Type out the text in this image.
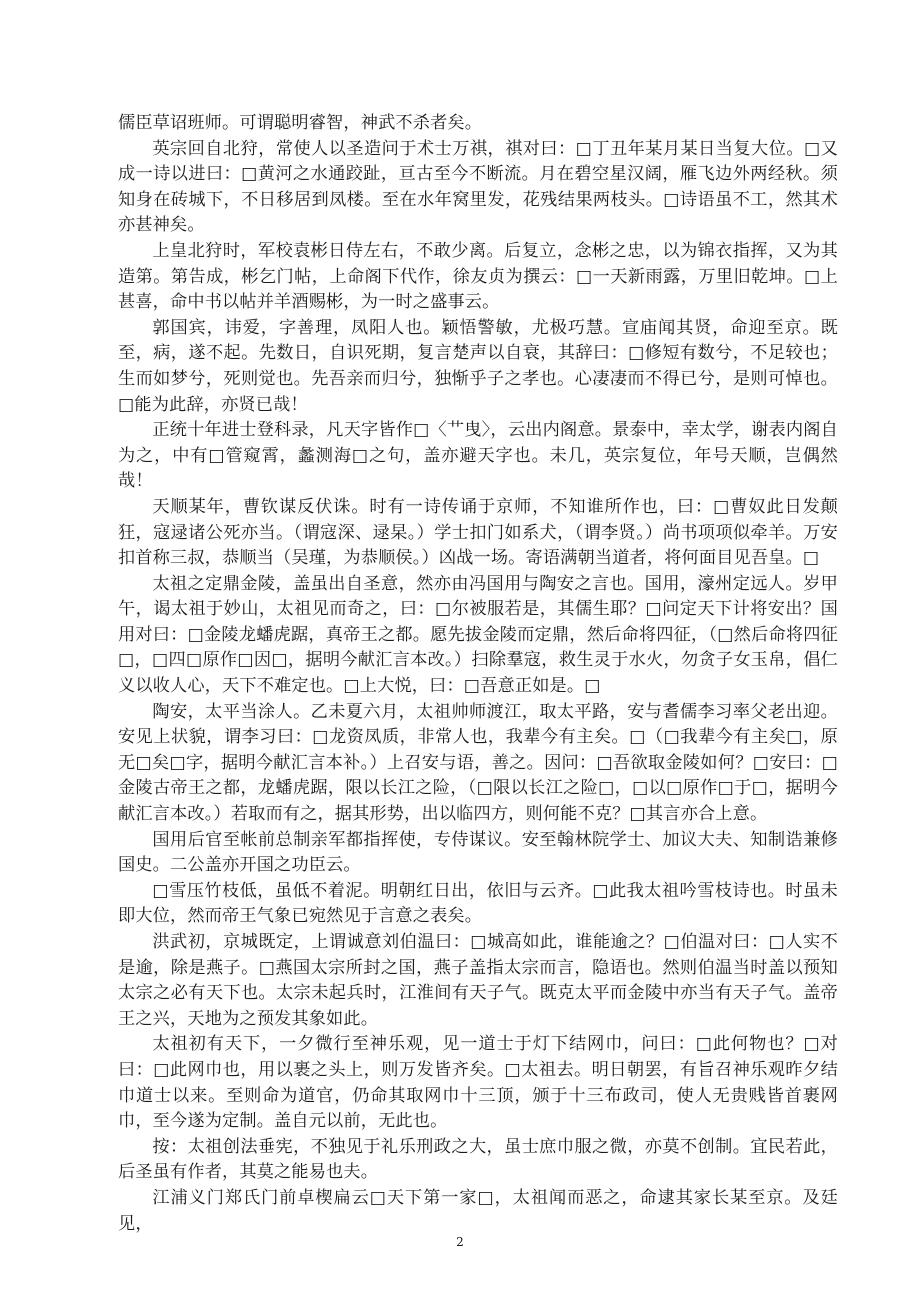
儒臣草诏班师。可谓聪明睿智，神武不杀者矣。

英宗回自北狩，常使人以圣造问于术士万祺，祺对曰：□丁丑年某月某日当复大位。□又成一诗以进曰：□黄河之水通跤趾，亘古至今不断流。月在碧空星汉阔，雁飞边外两经秋。须知身在砖城下，不日移居到凤楼。至在水年窝里发，花残结果两枝头。□诗语虽不工，然其术亦甚神矣。

上皇北狩时，军校袁彬日侍左右，不敢少离。后复立，念彬之忠，以为锦衣指挥，又为其造第。第告成，彬乞门帖，上命阁下代作，徐友贞为撰云：□一天新雨露，万里旧乾坤。□上甚喜，命中书以帖并羊酒赐彬，为一时之盛事云。

郭国宾，讳爱，字善理，凤阳人也。颖悟警敏，尤极巧慧。宣庙闻其贤，命迎至京。既至，病，遂不起。先数日，自识死期，复言楚声以自衰，其辞曰：□修短有数兮，不足较也；生而如梦兮，死则觉也。先吾亲而归兮，独惭乎子之孝也。心凄凄而不得已兮，是则可悼也。□能为此辞，亦贤已哉！

正统十年进士登科录，凡天字皆作□〈艹曳〉，云出内阁意。景泰中，幸太学，谢表内阁自为之，中有□管窥霄，蠡测海□之句，盖亦避天字也。未几，英宗复位，年号天顺，岂偶然哉！

天顺某年，曹钦谋反伏诛。时有一诗传诵于京师，不知谁所作也，曰：□曹奴此日发颠狂，寇逯诸公死亦当。（谓寇深、逯杲。）学士扣门如系犬，（谓李贤。）尚书项项似牵羊。万安扣首称三叔，恭顺当（吴瑾，为恭顺侯。）凶战一场。寄语满朝当道者，将何面目见吾皇。□

太祖之定鼎金陵，盖虽出自圣意，然亦由冯国用与陶安之言也。国用，濠州定远人。岁甲午，谒太祖于妙山，太祖见而奇之，曰：□尔被服若是，其儒生耶？□问定天下计将安出？国用对曰：□金陵龙蟠虎踞，真帝王之都。愿先拔金陵而定鼎，然后命将四征，（□然后命将四征□，□四□原作□因□，据明今献汇言本改。）扫除羣寇，救生灵于水火，勿贪子女玉帛，倡仁义以收人心，天下不难定也。□上大悦，曰：□吾意正如是。□

陶安，太平当涂人。乙未夏六月，太祖帅师渡江，取太平路，安与耆儒李习率父老出迎。安见上状貌，谓李习曰：□龙资凤质，非常人也，我辈今有主矣。□（□我辈今有主矣□，原无□矣□字，据明今献汇言本补。）上召安与语，善之。因问：□吾欲取金陵如何？□安曰：□金陵古帝王之都，龙蟠虎踞，限以长江之险，（□限以长江之险□，□以□原作□于□，据明今献汇言本改。）若取而有之，据其形势，出以临四方，则何能不克？□其言亦合上意。

国用后官至帐前总制亲军都指挥使，专侍谋议。安至翰林院学士、加议大夫、知制诰兼修国史。二公盖亦开国之功臣云。

□雪压竹枝低，虽低不着泥。明朝红日出，依旧与云齐。□此我太祖吟雪枝诗也。时虽未即大位，然而帝王气象已宛然见于言意之表矣。

洪武初，京城既定，上谓诚意刘伯温曰：□城高如此，谁能逾之？□伯温对曰：□人实不是逾，除是燕子。□燕国太宗所封之国，燕子盖指太宗而言，隐语也。然则伯温当时盖以预知太宗之必有天下也。太宗未起兵时，江淮间有天子气。既克太平而金陵中亦当有天子气。盖帝王之兴，天地为之预发其象如此。

太祖初有天下，一夕微行至神乐观，见一道士于灯下结网巾，问曰：□此何物也？□对曰：□此网巾也，用以裹之头上，则万发皆齐矣。□太祖去。明日朝罢，有旨召神乐观昨夕结巾道士以来。至则命为道官，仍命其取网巾十三顶，颁于十三布政司，使人无贵贱皆首裹网巾，至今遂为定制。盖自元以前，无此也。

按：太祖创法垂宪，不独见于礼乐刑政之大，虽士庶巾服之微，亦莫不创制。宜民若此，后圣虽有作者，其莫之能易也夫。

江浦义门郑氏门前卓楔扁云□天下第一家□，太祖闻而恶之，命逮其家长某至京。及廷见，

2
